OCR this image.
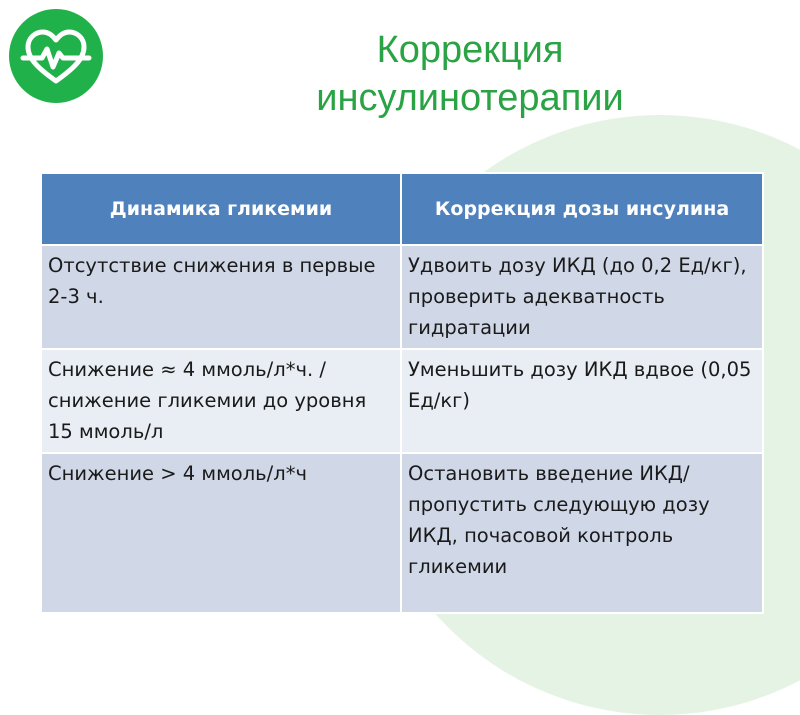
Коррекция
инсулинотерапии
Динамика гликемии	Коррекция дозы инсулина
Отсутствие снижения в первые 2-3 ч.	Удвоить дозу ИКД (до 0,2 Ед/кг), проверить адекватность гидратации
Снижение ≈ 4 ммоль/л*ч. / снижение гликемии до уровня 15 ммоль/л	Уменьшить дозу ИКД вдвое (0,05 Ед/кг)
Снижение > 4 ммоль/л*ч	Остановить введение ИКД/пропустить следующую дозу ИКД, почасовой контроль гликемии
